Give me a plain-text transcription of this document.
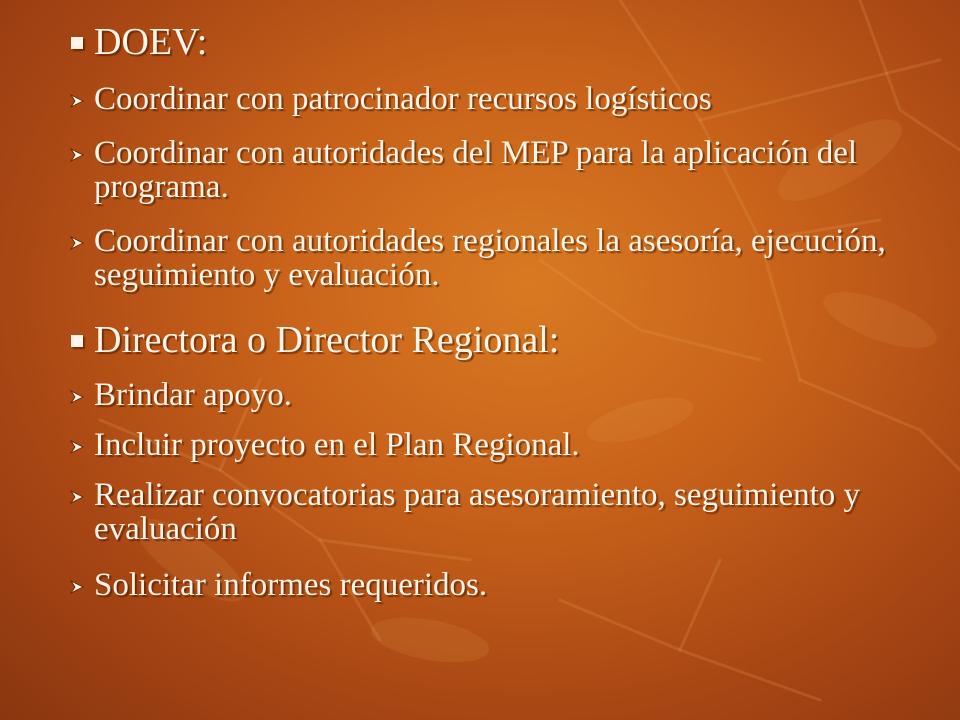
DOEV:
Coordinar con patrocinador recursos logísticos
Coordinar con autoridades del MEP para la aplicación del programa.
Coordinar con autoridades regionales la asesoría, ejecución, seguimiento y evaluación.
Directora o Director Regional:
Brindar apoyo.
Incluir proyecto en el Plan Regional.
Realizar convocatorias para asesoramiento, seguimiento y evaluación
Solicitar informes requeridos.
